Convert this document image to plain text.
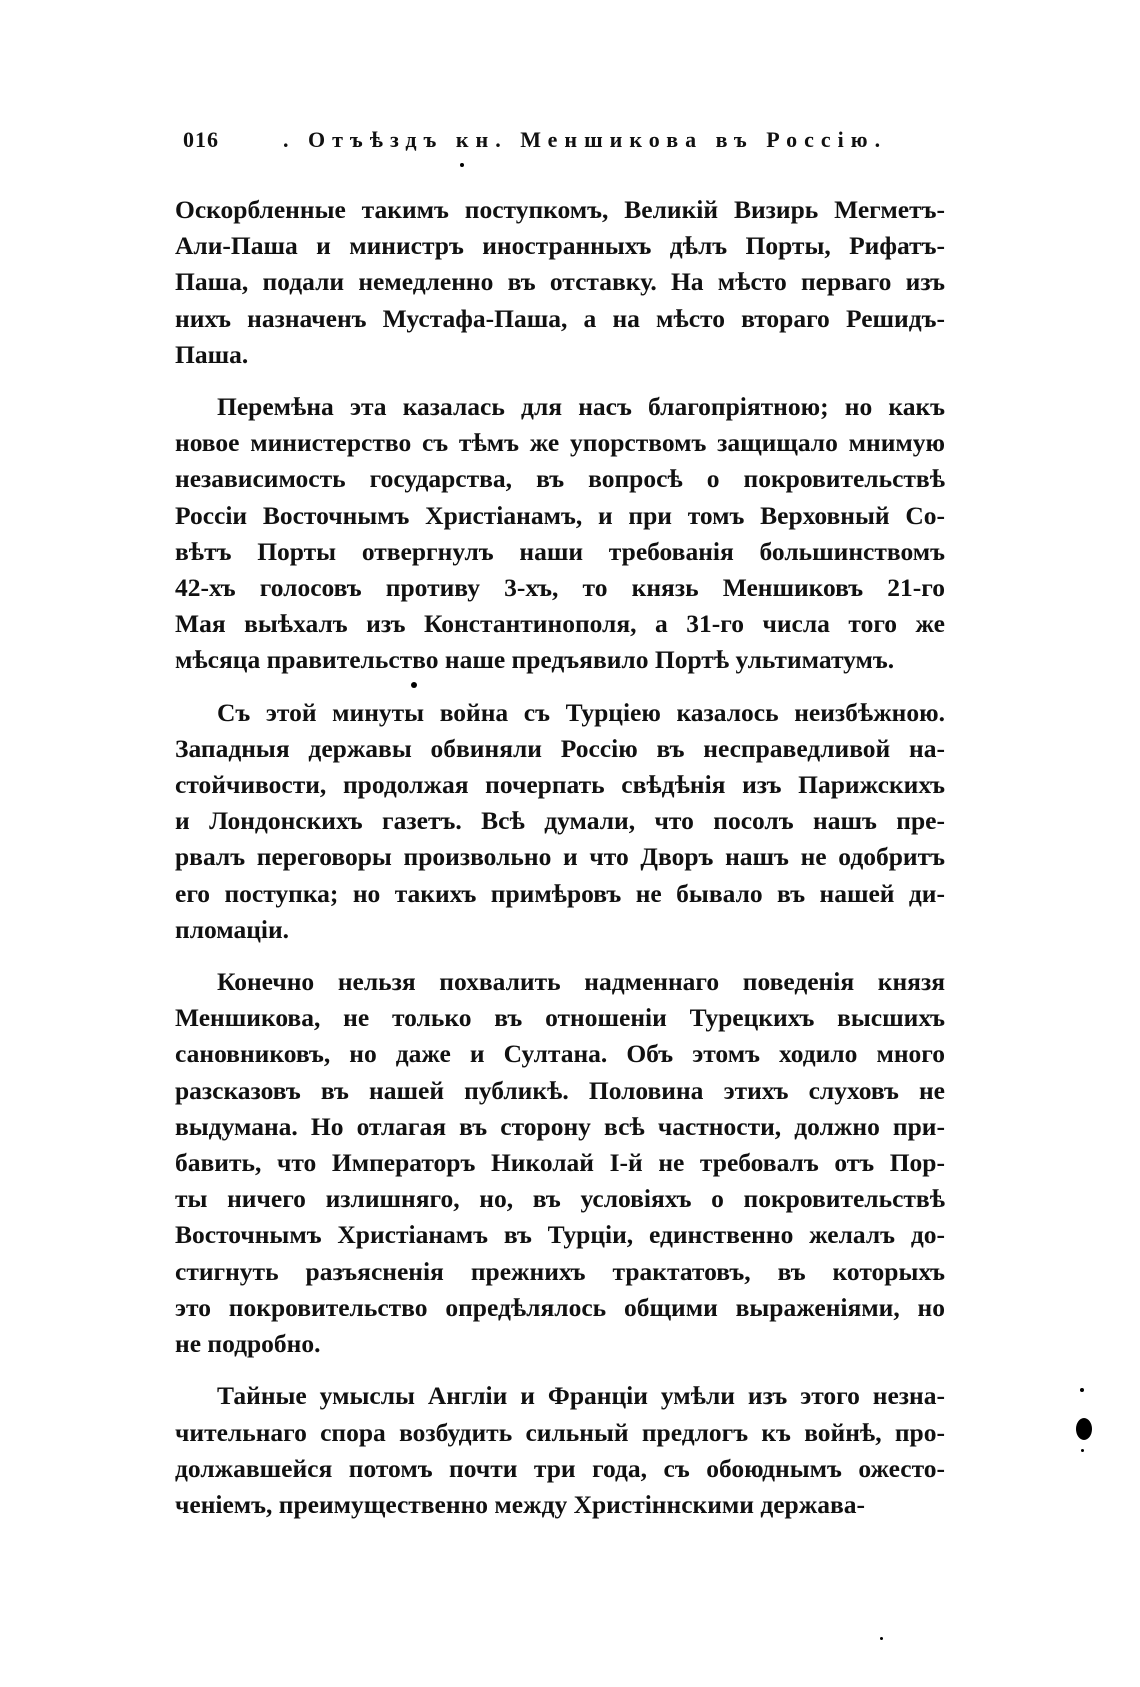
016	. Отъѣздъ кн. Меншикова въ Россію.
Оскорбленные такимъ поступкомъ, Великій Визирь Мегметъ-
Али-Паша и министръ иностранныхъ дѣлъ Порты, Рифатъ-
Паша, подали немедленно въ отставку. На мѣсто перваго изъ
нихъ назначенъ Мустафа-Паша, а на мѣсто втораго Решидъ-
Паша.
Перемѣна эта казалась для насъ благопріятною; но какъ
новое министерство съ тѣмъ же упорствомъ защищало мнимую
независимость государства, въ вопросѣ о покровительствѣ
Россіи Восточнымъ Христіанамъ, и при томъ Верховный Со-
вѣтъ Порты отвергнулъ наши требованія большинствомъ
42-хъ голосовъ противу 3-хъ, то князь Меншиковъ 21-го
Мая выѣхалъ изъ Константинополя, а 31-го числа того же
мѣсяца правительство наше предъявило Портѣ ультиматумъ.
Съ этой минуты война съ Турціею казалось неизбѣжною.
Западныя державы обвиняли Россію въ несправедливой на-
стойчивости, продолжая почерпать свѣдѣнія изъ Парижскихъ
и Лондонскихъ газетъ. Всѣ думали, что посолъ нашъ пре-
рвалъ переговоры произвольно и что Дворъ нашъ не одобритъ
его поступка; но такихъ примѣровъ не бывало въ нашей ди-
пломаціи.
Конечно нельзя похвалить надменнаго поведенія князя
Меншикова, не только въ отношеніи Турецкихъ высшихъ
сановниковъ, но даже и Султана. Объ этомъ ходило много
разсказовъ въ нашей публикѣ. Половина этихъ слуховъ не
выдумана. Но отлагая въ сторону всѣ частности, должно при-
бавить, что Императоръ Николай I-й не требовалъ отъ Пор-
ты ничего излишняго, но, въ условіяхъ о покровительствѣ
Восточнымъ Христіанамъ въ Турціи, единственно желалъ до-
стигнуть разъясненія прежнихъ трактатовъ, въ которыхъ
это покровительство опредѣлялось общими выраженіями, но
не подробно.
Тайные умыслы Англіи и Франціи умѣли изъ этого незна-
чительнаго спора возбудить сильный предлогъ къ войнѣ, про-
должавшейся потомъ почти три года, съ обоюднымъ ожесто-
ченіемъ, преимущественно между Христіннскими держава-
